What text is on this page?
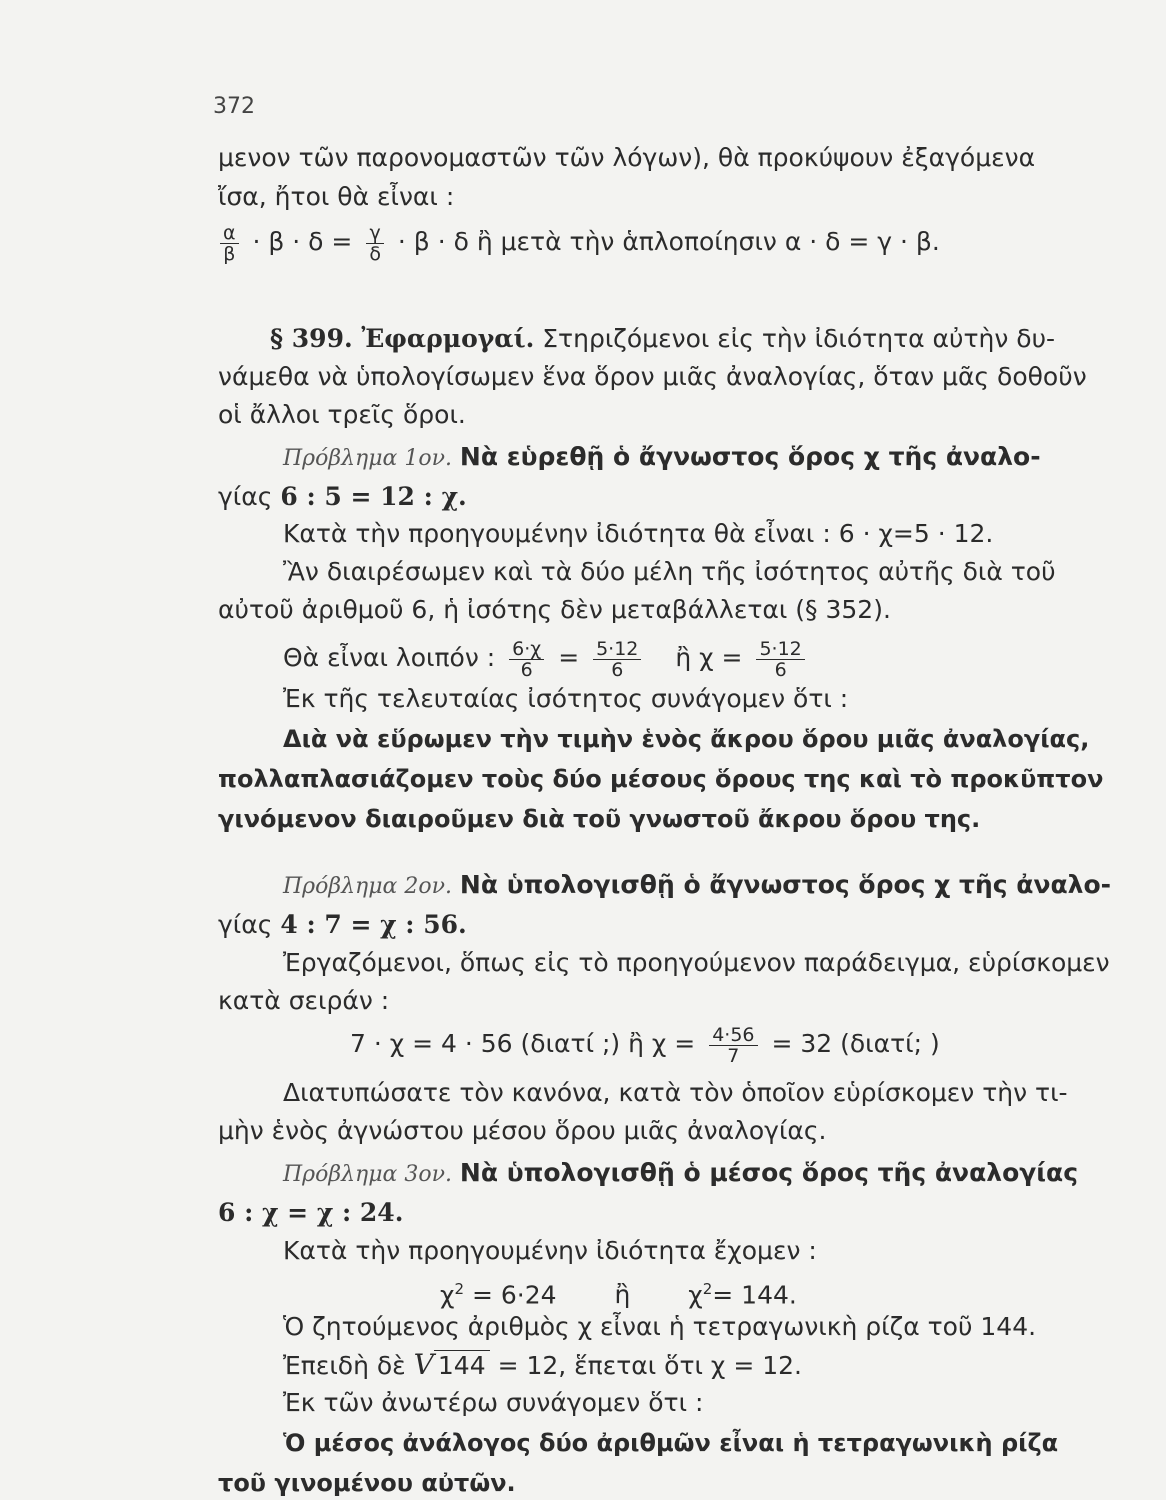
372
μενον τῶν παρονομαστῶν τῶν λόγων), θὰ προκύψουν ἐξαγόμενα
ἴσα, ἤτοι θὰ εἶναι :
$\frac{\alpha}{\beta} \cdot \beta \cdot \delta = \frac{\gamma}{\delta} \cdot \beta \cdot \delta$ ἢ μετὰ τὴν ἁπλοποίησιν α · δ = γ · β.
§ 399. Ἐφαρμογαί. Στηριζόμενοι εἰς τὴν ἰδιότητα αὐτὴν δυ-
νάμεθα νὰ ὑπολογίσωμεν ἕνα ὅρον μιᾶς ἀναλογίας, ὅταν μᾶς δοθοῦν
οἱ ἄλλοι τρεῖς ὅροι.
Πρόβλημα 1ον. Νὰ εὑρεθῇ ὁ ἄγνωστος ὅρος χ τῆς ἀναλο-
γίας 6 : 5 = 12 : χ.
Κατὰ τὴν προηγουμένην ἰδιότητα θὰ εἶναι : 6 · χ=5 · 12.
Ἂν διαιρέσωμεν καὶ τὰ δύο μέλη τῆς ἰσότητος αὐτῆς διὰ τοῦ
αὐτοῦ ἀριθμοῦ 6, ἡ ἰσότης δὲν μεταβάλλεται (§ 352).
Θὰ εἶναι λοιπόν : $\frac{6\cdot\chi}{6} = \frac{5\cdot 12}{6}$ ἢ $\chi = \frac{5\cdot 12}{6}$
Ἐκ τῆς τελευταίας ἰσότητος συνάγομεν ὅτι :
Διὰ νὰ εὕρωμεν τὴν τιμὴν ἑνὸς ἄκρου ὅρου μιᾶς ἀναλογίας,
πολλαπλασιάζομεν τοὺς δύο μέσους ὅρους της καὶ τὸ προκῦπτον
γινόμενον διαιροῦμεν διὰ τοῦ γνωστοῦ ἄκρου ὅρου της.
Πρόβλημα 2ον. Νὰ ὑπολογισθῇ ὁ ἄγνωστος ὅρος χ τῆς ἀναλο-
γίας 4 : 7 = χ : 56.
Ἐργαζόμενοι, ὅπως εἰς τὸ προηγούμενον παράδειγμα, εὑρίσκομεν
κατὰ σειράν :
7 · χ = 4 · 56 (διατί ;) ἢ $\chi = \frac{4\cdot 56}{7} = 32$ (διατί; )
Διατυπώσατε τὸν κανόνα, κατὰ τὸν ὁποῖον εὑρίσκομεν τὴν τι-
μὴν ἑνὸς ἀγνώστου μέσου ὅρου μιᾶς ἀναλογίας.
Πρόβλημα 3ον. Νὰ ὑπολογισθῇ ὁ μέσος ὅρος τῆς ἀναλογίας
6 : χ = χ : 24.
Κατὰ τὴν προηγουμένην ἰδιότητα ἔχομεν :
$\chi^2 = 6\cdot 24$ ἢ $\chi^2= 144$.
Ὁ ζητούμενος ἀριθμὸς χ εἶναι ἡ τετραγωνικὴ ρίζα τοῦ 144.
Ἐπειδὴ δὲ V 144 = 12, ἕπεται ὅτι χ = 12.
Ἐκ τῶν ἀνωτέρω συνάγομεν ὅτι :
Ὁ μέσος ἀνάλογος δύο ἀριθμῶν εἶναι ἡ τετραγωνικὴ ρίζα
τοῦ γινομένου αὐτῶν.
